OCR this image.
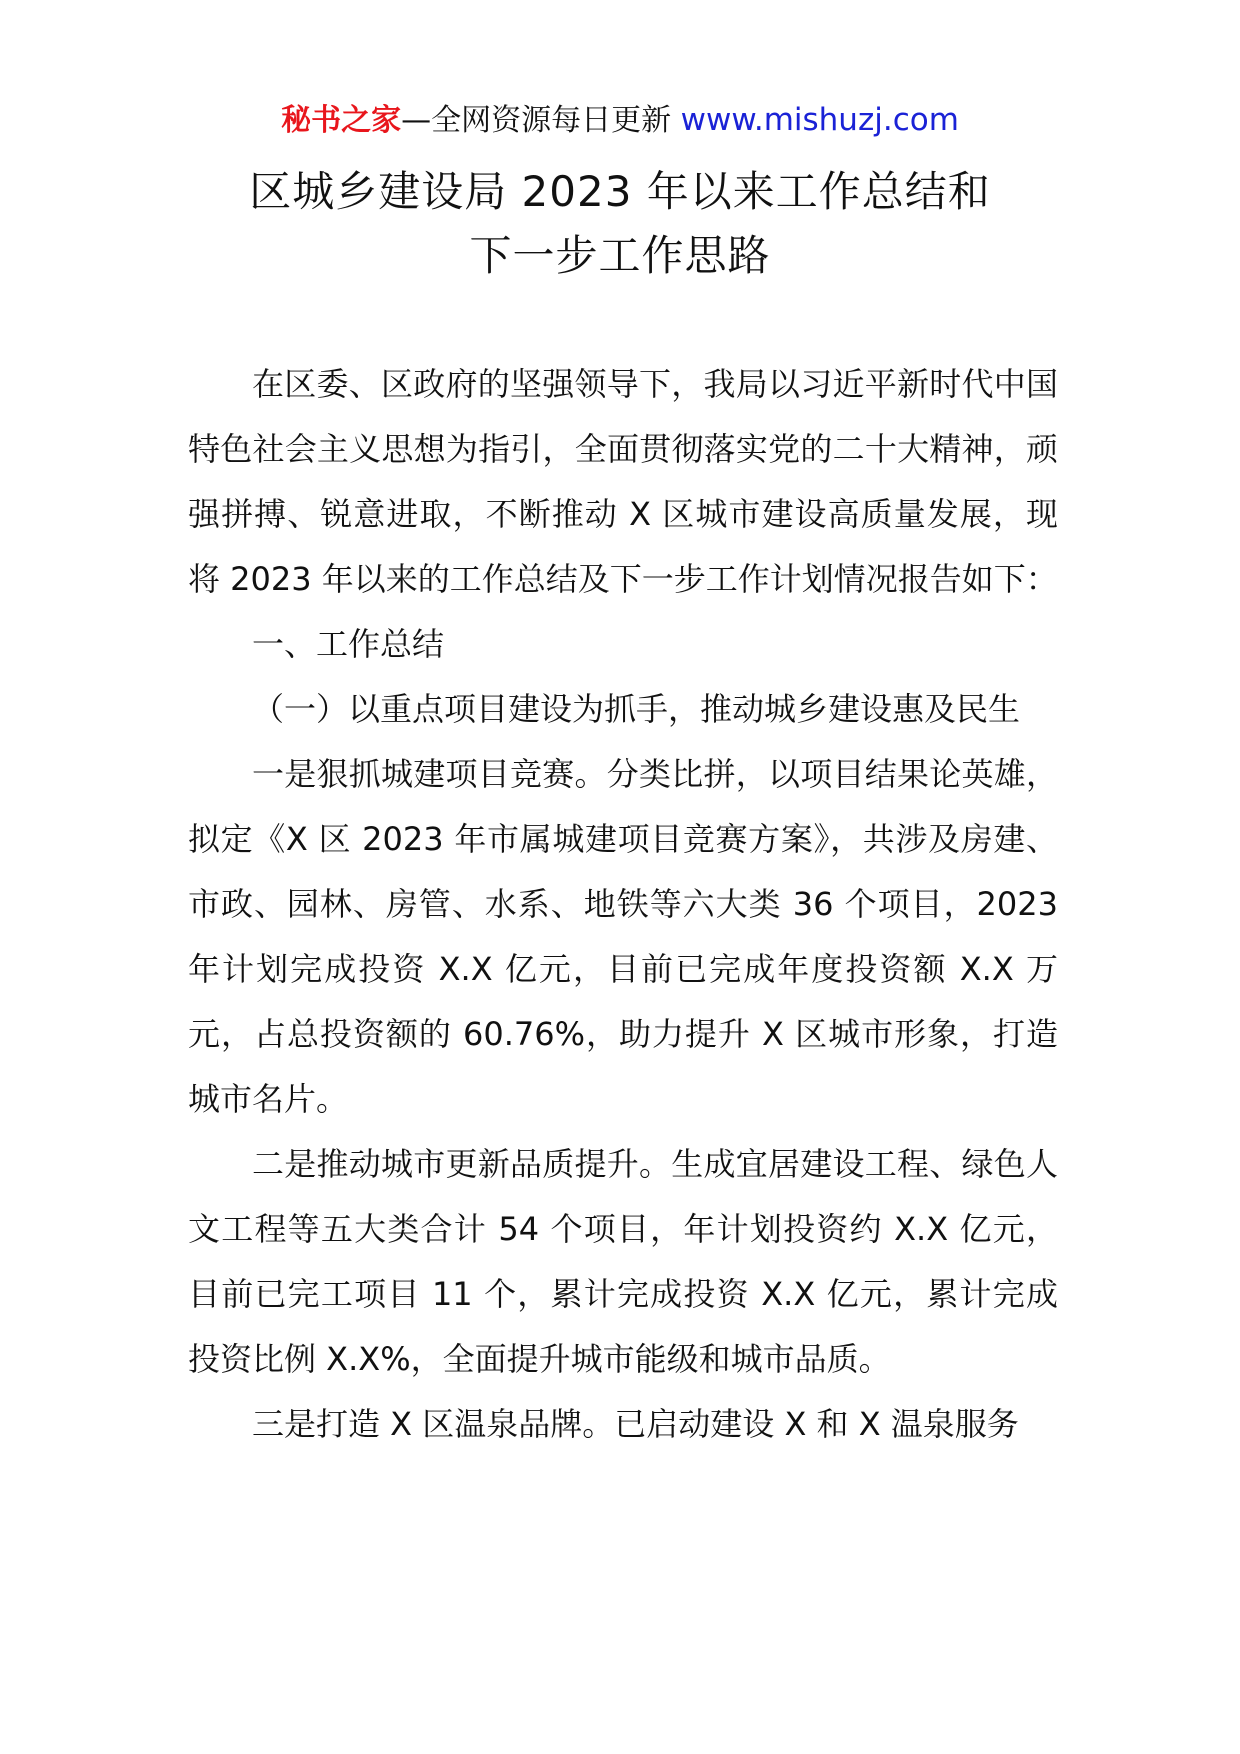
秘书之家—全网资源每日更新 www.mishuzj.com
区城乡建设局 2023 年以来工作总结和
下一步工作思路

在区委、区政府的坚强领导下，我局以习近平新时代中国特色社会主义思想为指引，全面贯彻落实党的二十大精神，顽强拼搏、锐意进取，不断推动 X 区城市建设高质量发展，现将 2023 年以来的工作总结及下一步工作计划情况报告如下：

一、工作总结

（一）以重点项目建设为抓手，推动城乡建设惠及民生

一是狠抓城建项目竞赛。分类比拼，以项目结果论英雄，拟定《X 区 2023 年市属城建项目竞赛方案》，共涉及房建、市政、园林、房管、水系、地铁等六大类 36 个项目，2023 年计划完成投资 X.X 亿元，目前已完成年度投资额 X.X 万元，占总投资额的 60.76%，助力提升 X 区城市形象，打造城市名片。

二是推动城市更新品质提升。生成宜居建设工程、绿色人文工程等五大类合计 54 个项目，年计划投资约 X.X 亿元，目前已完工项目 11 个，累计完成投资 X.X 亿元，累计完成投资比例 X.X%，全面提升城市能级和城市品质。

三是打造 X 区温泉品牌。已启动建设 X 和 X 温泉服务
